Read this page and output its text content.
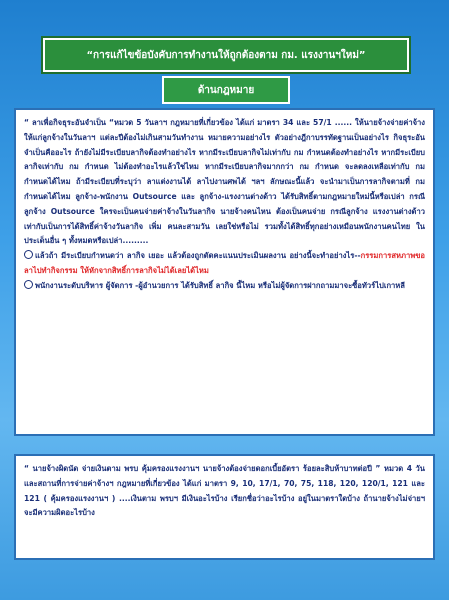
“การแก้ไขข้อบังคับการทำงานให้ถูกต้องตาม กม. แรงงานฯใหม่”
ด้านกฎหมาย

“ ลาเพื่อกิจธุระอันจำเป็น “หมวด 5 วันลาฯ กฎหมายที่เกี่ยวข้อง ได้แก่ มาตรา 34 และ 57/1 ...... ให้นายจ้างจ่ายค่าจ้างให้แก่ลูกจ้างในวันลาฯ แต่ละปีต้องไม่เกินสามวันทำงาน หมายความอย่างไร ตัวอย่างฎีกาบรรทัดฐานเป็นอย่างไร กิจธุระอันจำเป็นคืออะไร ถ้ายังไม่มีระเบียบลากิจต้องทำอย่างไร หากมีระเบียบลากิจไม่เท่ากับ กม กำหนดต้องทำอย่างไร หากมีระเบียบลากิจเท่ากับ กม กำหนด ไม่ต้องทำอะไรแล้วใช่ไหม หากมีระเบียบลากิจมากกว่า กม กำหนด จะลดลงเหลือเท่ากับ กม กำหนดได้ไหม ถ้ามีระเบียบที่ระบุว่า ลาแต่งงานได้ ลาไปงานศพได้ ฯลฯ ลักษณะนี้แล้ว จะนำมาเป็นการลากิจตามที่ กม กำหนดได้ไหม ลูกจ้าง-พนักงาน Outsource และ ลูกจ้าง-แรงงานต่างด้าว ได้รับสิทธิ์ตามกฎหมายใหม่นี้หรือเปล่า กรณีลูกจ้าง Outsource ใครจะเป็นคนจ่ายค่าจ้างในวันลากิจ นายจ้างคนไหน ต้องเป็นคนจ่าย กรณีลูกจ้าง แรงงานต่างด้าว เท่ากับเป็นการได้สิทธิ์ค่าจ้างวันลากิจ เพิ่ม คนละสามวัน เลยใช่หรือไม่ รวมทั้งได้สิทธิ์ทุกอย่างเหมือนพนักงานคนไทย ในประเด็นอื่น ๆ ทั้งหมดหรือเปล่า.........

แล้วถ้า มีระเบียบกำหนดว่า ลากิจ เยอะ แล้วต้องถูกตัดคะแนนประเมินผลงาน อย่างนี้จะทำอย่างไร--กรรมการสหภาพขอลาไปทำกิจกรรม ให้หักจากสิทธิ์การลากิจไม่ได้เลยได้ไหม

พนักงานระดับบริหาร ผู้จัดการ -ผู้อำนวยการ ได้รับสิทธิ์ ลากิจ นี้ไหม หรือไม่ผู้จัดการฝากถามมาจะซื้อทัวร์ไปเกาหลี

“ นายจ้างผิดนัด จ่ายเงินตาม พรบ คุ้มครองแรงงานฯ นายจ้างต้องจ่ายดอกเบี้ยอัตรา ร้อยละสิบห้าบาทต่อปี ” หมวด 4 วันและสถานที่การจ่ายค่าจ้างฯ กฎหมายที่เกี่ยวข้อง ได้แก่ มาตรา 9, 10, 17/1, 70, 75, 118, 120, 120/1, 121 และ 121 ( คุ้มครองแรงงานฯ ) ....เงินตาม พรบฯ มีเงินอะไรบ้าง เรียกชื่อว่าอะไรบ้าง อยู่ในมาตราใดบ้าง ถ้านายจ้างไม่จ่ายฯ จะมีความผิดอะไรบ้าง
